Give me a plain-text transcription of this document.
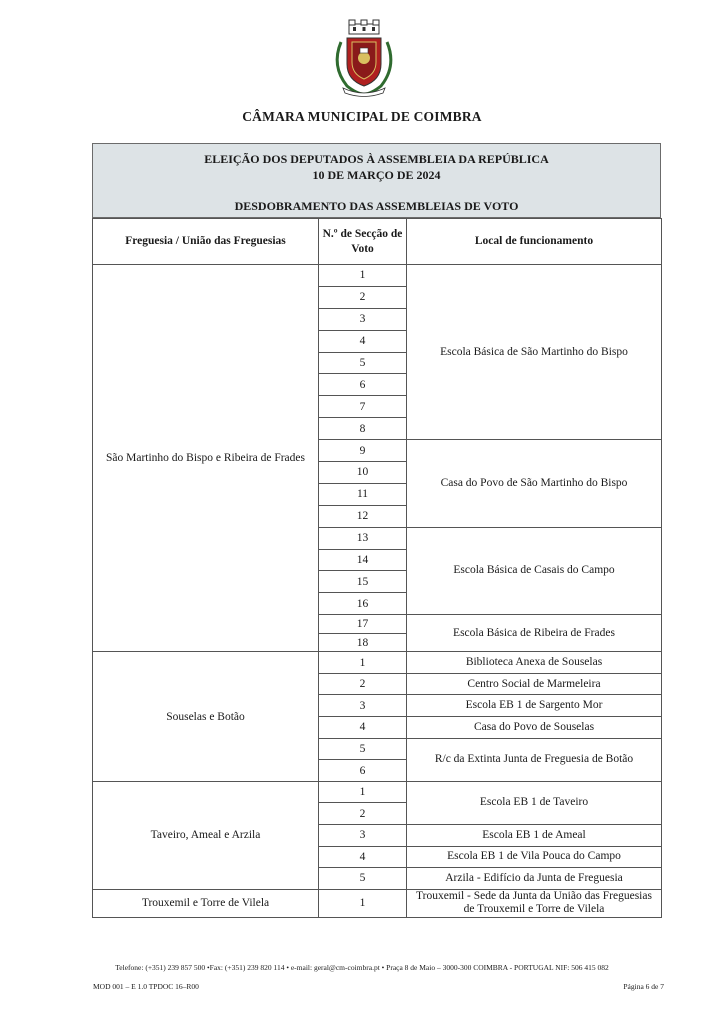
CÂMARA MUNICIPAL DE COIMBRA
ELEIÇÃO DOS DEPUTADOS À ASSEMBLEIA DA REPÚBLICA
10 DE MARÇO DE 2024
DESDOBRAMENTO DAS ASSEMBLEIAS DE VOTO
Freguesia / União das Freguesias	N.º de Secção de Voto	Local de funcionamento
São Martinho do Bispo e Ribeira de Frades	1	Escola Básica de São Martinho do Bispo
	2	
	3	
	4	
	5	
	6	
	7	
	8	
	9	Casa do Povo de São Martinho do Bispo
	10	
	11	
	12	
	13	Escola Básica de Casais do Campo
	14	
	15	
	16	
	17	Escola Básica de Ribeira de Frades
	18	
Souselas e Botão	1	Biblioteca Anexa de Souselas
	2	Centro Social de Marmeleira
	3	Escola EB 1 de Sargento Mor
	4	Casa do Povo de Souselas
	5	R/c da Extinta Junta de Freguesia de Botão
	6	
Taveiro, Ameal e Arzila	1	Escola EB 1 de Taveiro
	2	
	3	Escola EB 1 de Ameal
	4	Escola EB 1 de Vila Pouca do Campo
	5	Arzila - Edifício da Junta de Freguesia
Trouxemil e Torre de Vilela	1	Trouxemil - Sede da Junta da União das Freguesias de Trouxemil e Torre de Vilela
Telefone: (+351) 239 857 500 •Fax: (+351) 239 820 114 • e-mail: geral@cm-coimbra.pt • Praça 8 de Maio – 3000-300 COIMBRA - PORTUGAL NIF: 506 415 082
MOD 001 – E 1.0 TPDOC 16–R00	Página 6 de 7
